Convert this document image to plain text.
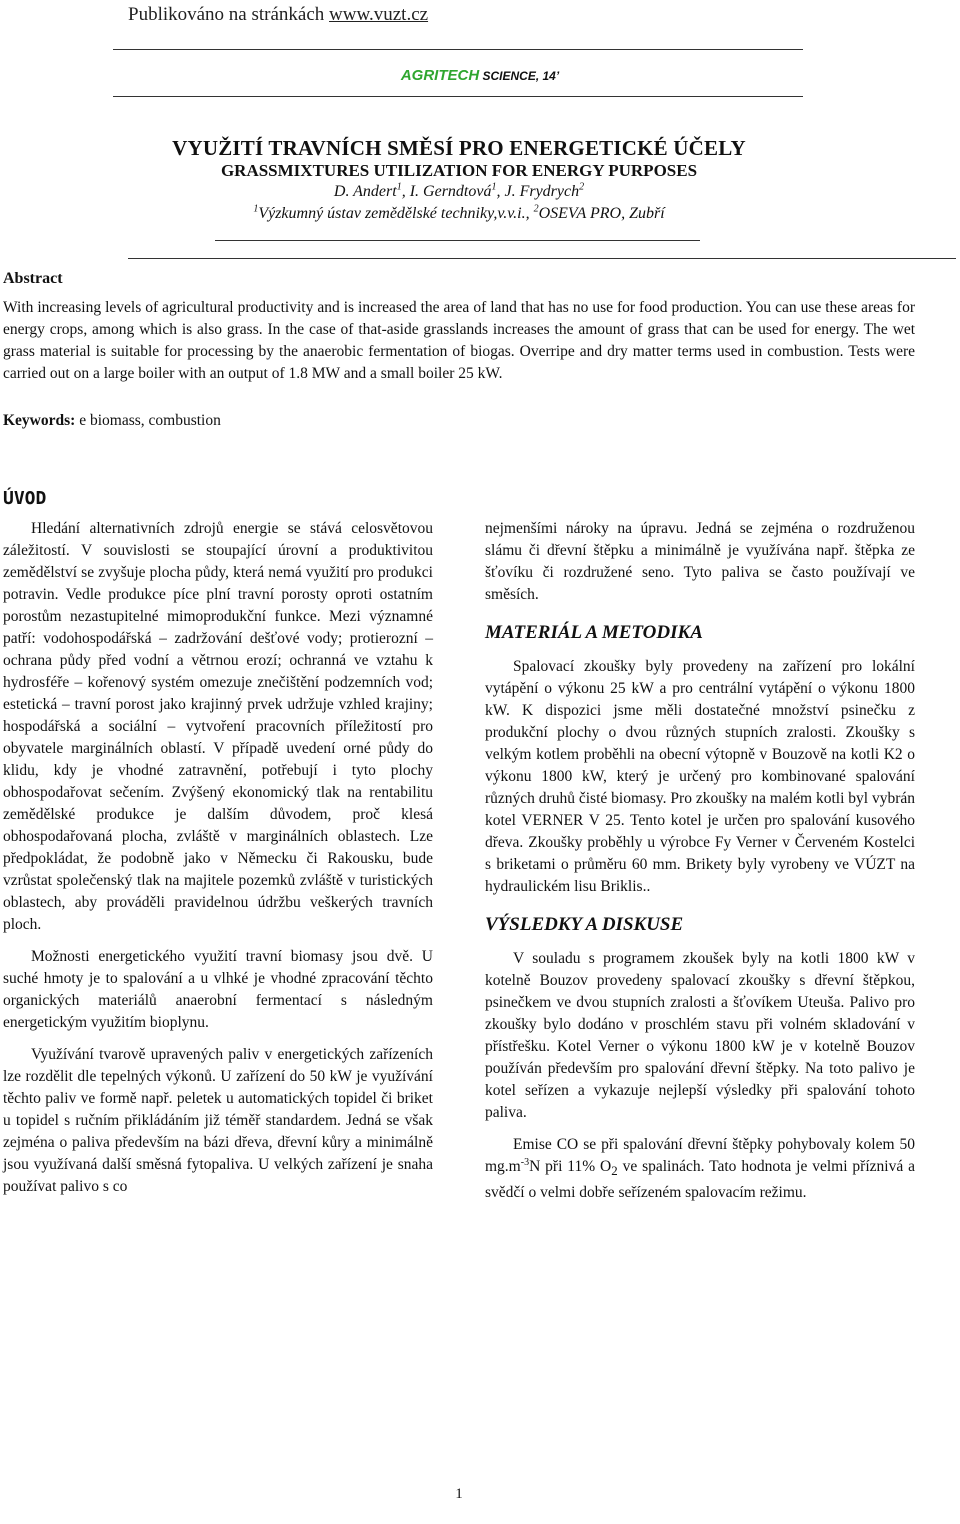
Publikováno na stránkách www.vuzt.cz
AGRITECH SCIENCE, 14’
VYUŽITÍ TRAVNÍCH SMĚSÍ PRO ENERGETICKÉ ÚČELY
GRASSMIXTURES UTILIZATION FOR ENERGY PURPOSES
D. Andert$^1$, I. Gerndtová$^1$, J. Frydrych$^2$
$^1$Výzkumný ústav zemědělské techniky,v.v.i., $^2$OSEVA PRO, Zubří
Abstract
With increasing levels of agricultural productivity and is increased the area of land that has no use for food production. You can use these areas for energy crops, among which is also grass. In the case of that-aside grasslands increases the amount of grass that can be used for energy. The wet grass material is suitable for processing by the anaerobic fermentation of biogas. Overripe and dry matter terms used in combustion. Tests were carried out on a large boiler with an output of 1.8 MW and a small boiler 25 kW.
Keywords: e biomass, combustion
ÚVOD

Hledání alternativních zdrojů energie se stává celosvětovou záležitostí. V souvislosti se stoupající úrovní a produktivitou zemědělství se zvyšuje plocha půdy, která nemá využití pro produkci potravin. Vedle produkce píce plní travní porosty oproti ostatním porostům nezastupitelné mimoprodukční funkce. Mezi významné patří: vodohospodářská – zadržování dešťové vody; protierozní – ochrana půdy před vodní a větrnou erozí; ochranná ve vztahu k hydrosféře – kořenový systém omezuje znečištění podzemních vod; estetická – travní porost jako krajinný prvek udržuje vzhled krajiny; hospodářská a sociální – vytvoření pracovních příležitostí pro obyvatele marginálních oblastí. V případě uvedení orné půdy do klidu, kdy je vhodné zatravnění, potřebují i tyto plochy obhospodařovat sečením. Zvýšený ekonomický tlak na rentabilitu zemědělské produkce je dalším důvodem, proč klesá obhospodařovaná plocha, zvláště v marginálních oblastech. Lze předpokládat, že podobně jako v Německu či Rakousku, bude vzrůstat společenský tlak na majitele pozemků zvláště v turistických oblastech, aby prováděli pravidelnou údržbu veškerých travních ploch.

Možnosti energetického využití travní biomasy jsou dvě. U suché hmoty je to spalování a u vlhké je vhodné zpracování těchto organických materiálů anaerobní fermentací s následným energetickým využitím bioplynu.

Využívání tvarově upravených paliv v energetických zařízeních lze rozdělit dle tepelných výkonů. U zařízení do 50 kW je využívání těchto paliv ve formě např. peletek u automatických topidel či briket u topidel s ručním přikládáním již téměř standardem. Jedná se však zejména o paliva především na bázi dřeva, dřevní kůry a minimálně jsou využívaná další směsná fytopaliva. U velkých zařízení je snaha používat palivo s co

nejmenšími nároky na úpravu. Jedná se zejména o rozdruženou slámu či dřevní štěpku a minimálně je využívána např. štěpka ze šťovíku či rozdružené seno. Tyto paliva se často používají ve směsích.

MATERIÁL A METODIKA

Spalovací zkoušky byly provedeny na zařízení pro lokální vytápění o výkonu 25 kW a pro centrální vytápění o výkonu 1800 kW. K dispozici jsme měli dostatečné množství psinečku z produkční plochy o dvou různých stupních zralosti. Zkoušky s velkým kotlem proběhli na obecní výtopně v Bouzově na kotli K2 o výkonu 1800 kW, který je určený pro kombinované spalování různých druhů čisté biomasy. Pro zkoušky na malém kotli byl vybrán kotel VERNER V 25. Tento kotel je určen pro spalování kusového dřeva. Zkoušky proběhly u výrobce Fy Verner v Červeném Kostelci s briketami o průměru 60 mm. Brikety byly vyrobeny ve VÚZT na hydraulickém lisu Briklis..

VÝSLEDKY A DISKUSE

V souladu s programem zkoušek byly na kotli 1800 kW v kotelně Bouzov provedeny spalovací zkoušky s dřevní štěpkou, psinečkem ve dvou stupních zralosti a šťovíkem Uteuša. Palivo pro zkoušky bylo dodáno v proschlém stavu při volném skladování v přístřešku. Kotel Verner o výkonu 1800 kW je v kotelně Bouzov používán především pro spalování dřevní štěpky. Na toto palivo je kotel seřízen a vykazuje nejlepší výsledky při spalování tohoto paliva.

Emise CO se při spalování dřevní štěpky pohybovaly kolem 50 $mg.m^{-3}N$ při 11% $O_2$ ve spalinách. Tato hodnota je velmi příznivá a svědčí o velmi dobře seřízeném spalovacím režimu.

1
